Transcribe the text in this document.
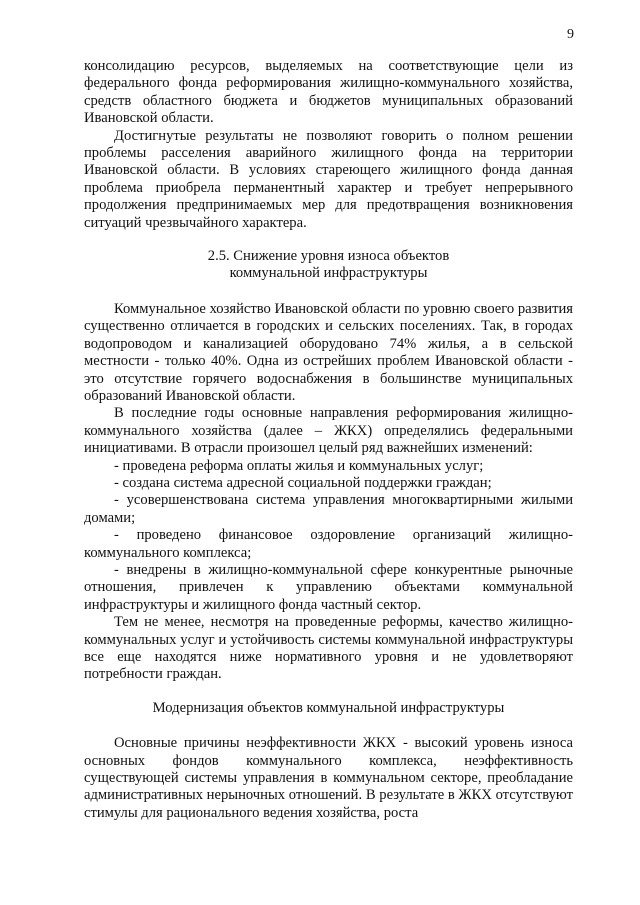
9

консолидацию ресурсов, выделяемых на соответствующие цели из федерального фонда реформирования жилищно-коммунального хозяйства, средств областного бюджета и бюджетов муниципальных образований Ивановской области.

Достигнутые результаты не позволяют говорить о полном решении проблемы расселения аварийного жилищного фонда на территории Ивановской области. В условиях стареющего жилищного фонда данная проблема приобрела перманентный характер и требует непрерывного продолжения предпринимаемых мер для предотвращения возникновения ситуаций чрезвычайного характера.

2.5. Снижение уровня износа объектов

коммунальной инфраструктуры

Коммунальное хозяйство Ивановской области по уровню своего развития существенно отличается в городских и сельских поселениях. Так, в городах водопроводом и канализацией оборудовано 74% жилья, а в сельской местности - только 40%. Одна из острейших проблем Ивановской области - это отсутствие горячего водоснабжения в большинстве муниципальных образований Ивановской области.

В последние годы основные направления реформирования жилищно-коммунального хозяйства (далее – ЖКХ) определялись федеральными инициативами. В отрасли произошел целый ряд важнейших изменений:

- проведена реформа оплаты жилья и коммунальных услуг;

- создана система адресной социальной поддержки граждан;

- усовершенствована система управления многоквартирными жилыми домами;

- проведено финансовое оздоровление организаций жилищно-коммунального комплекса;

- внедрены в жилищно-коммунальной сфере конкурентные рыночные отношения, привлечен к управлению объектами коммунальной инфраструктуры и жилищного фонда частный сектор.

Тем не менее, несмотря на проведенные реформы, качество жилищно-коммунальных услуг и устойчивость системы коммунальной инфраструктуры все еще находятся ниже нормативного уровня и не удовлетворяют потребности граждан.

Модернизация объектов коммунальной инфраструктуры

Основные причины неэффективности ЖКХ - высокий уровень износа основных фондов коммунального комплекса, неэффективность существующей системы управления в коммунальном секторе, преобладание административных нерыночных отношений. В результате в ЖКХ отсутствуют стимулы для рационального ведения хозяйства, роста
